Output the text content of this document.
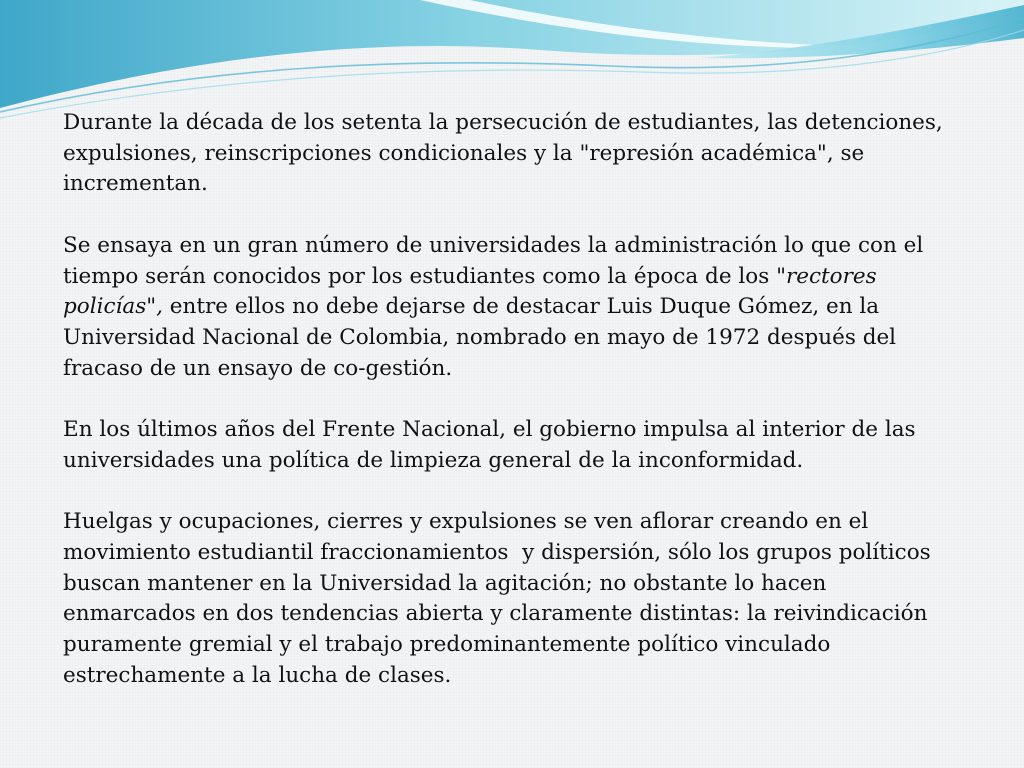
Durante la década de los setenta la persecución de estudiantes, las detenciones,
expulsiones, reinscripciones condicionales y la "represión académica", se
incrementan.

Se ensaya en un gran número de universidades la administración lo que con el
tiempo serán conocidos por los estudiantes como la época de los "rectores
policías", entre ellos no debe dejarse de destacar Luis Duque Gómez, en la
Universidad Nacional de Colombia, nombrado en mayo de 1972 después del
fracaso de un ensayo de co-gestión.

En los últimos años del Frente Nacional, el gobierno impulsa al interior de las
universidades una política de limpieza general de la inconformidad.

Huelgas y ocupaciones, cierres y expulsiones se ven aflorar creando en el
movimiento estudiantil fraccionamientos  y dispersión, sólo los grupos políticos
buscan mantener en la Universidad la agitación; no obstante lo hacen
enmarcados en dos tendencias abierta y claramente distintas: la reivindicación
puramente gremial y el trabajo predominantemente político vinculado
estrechamente a la lucha de clases.
